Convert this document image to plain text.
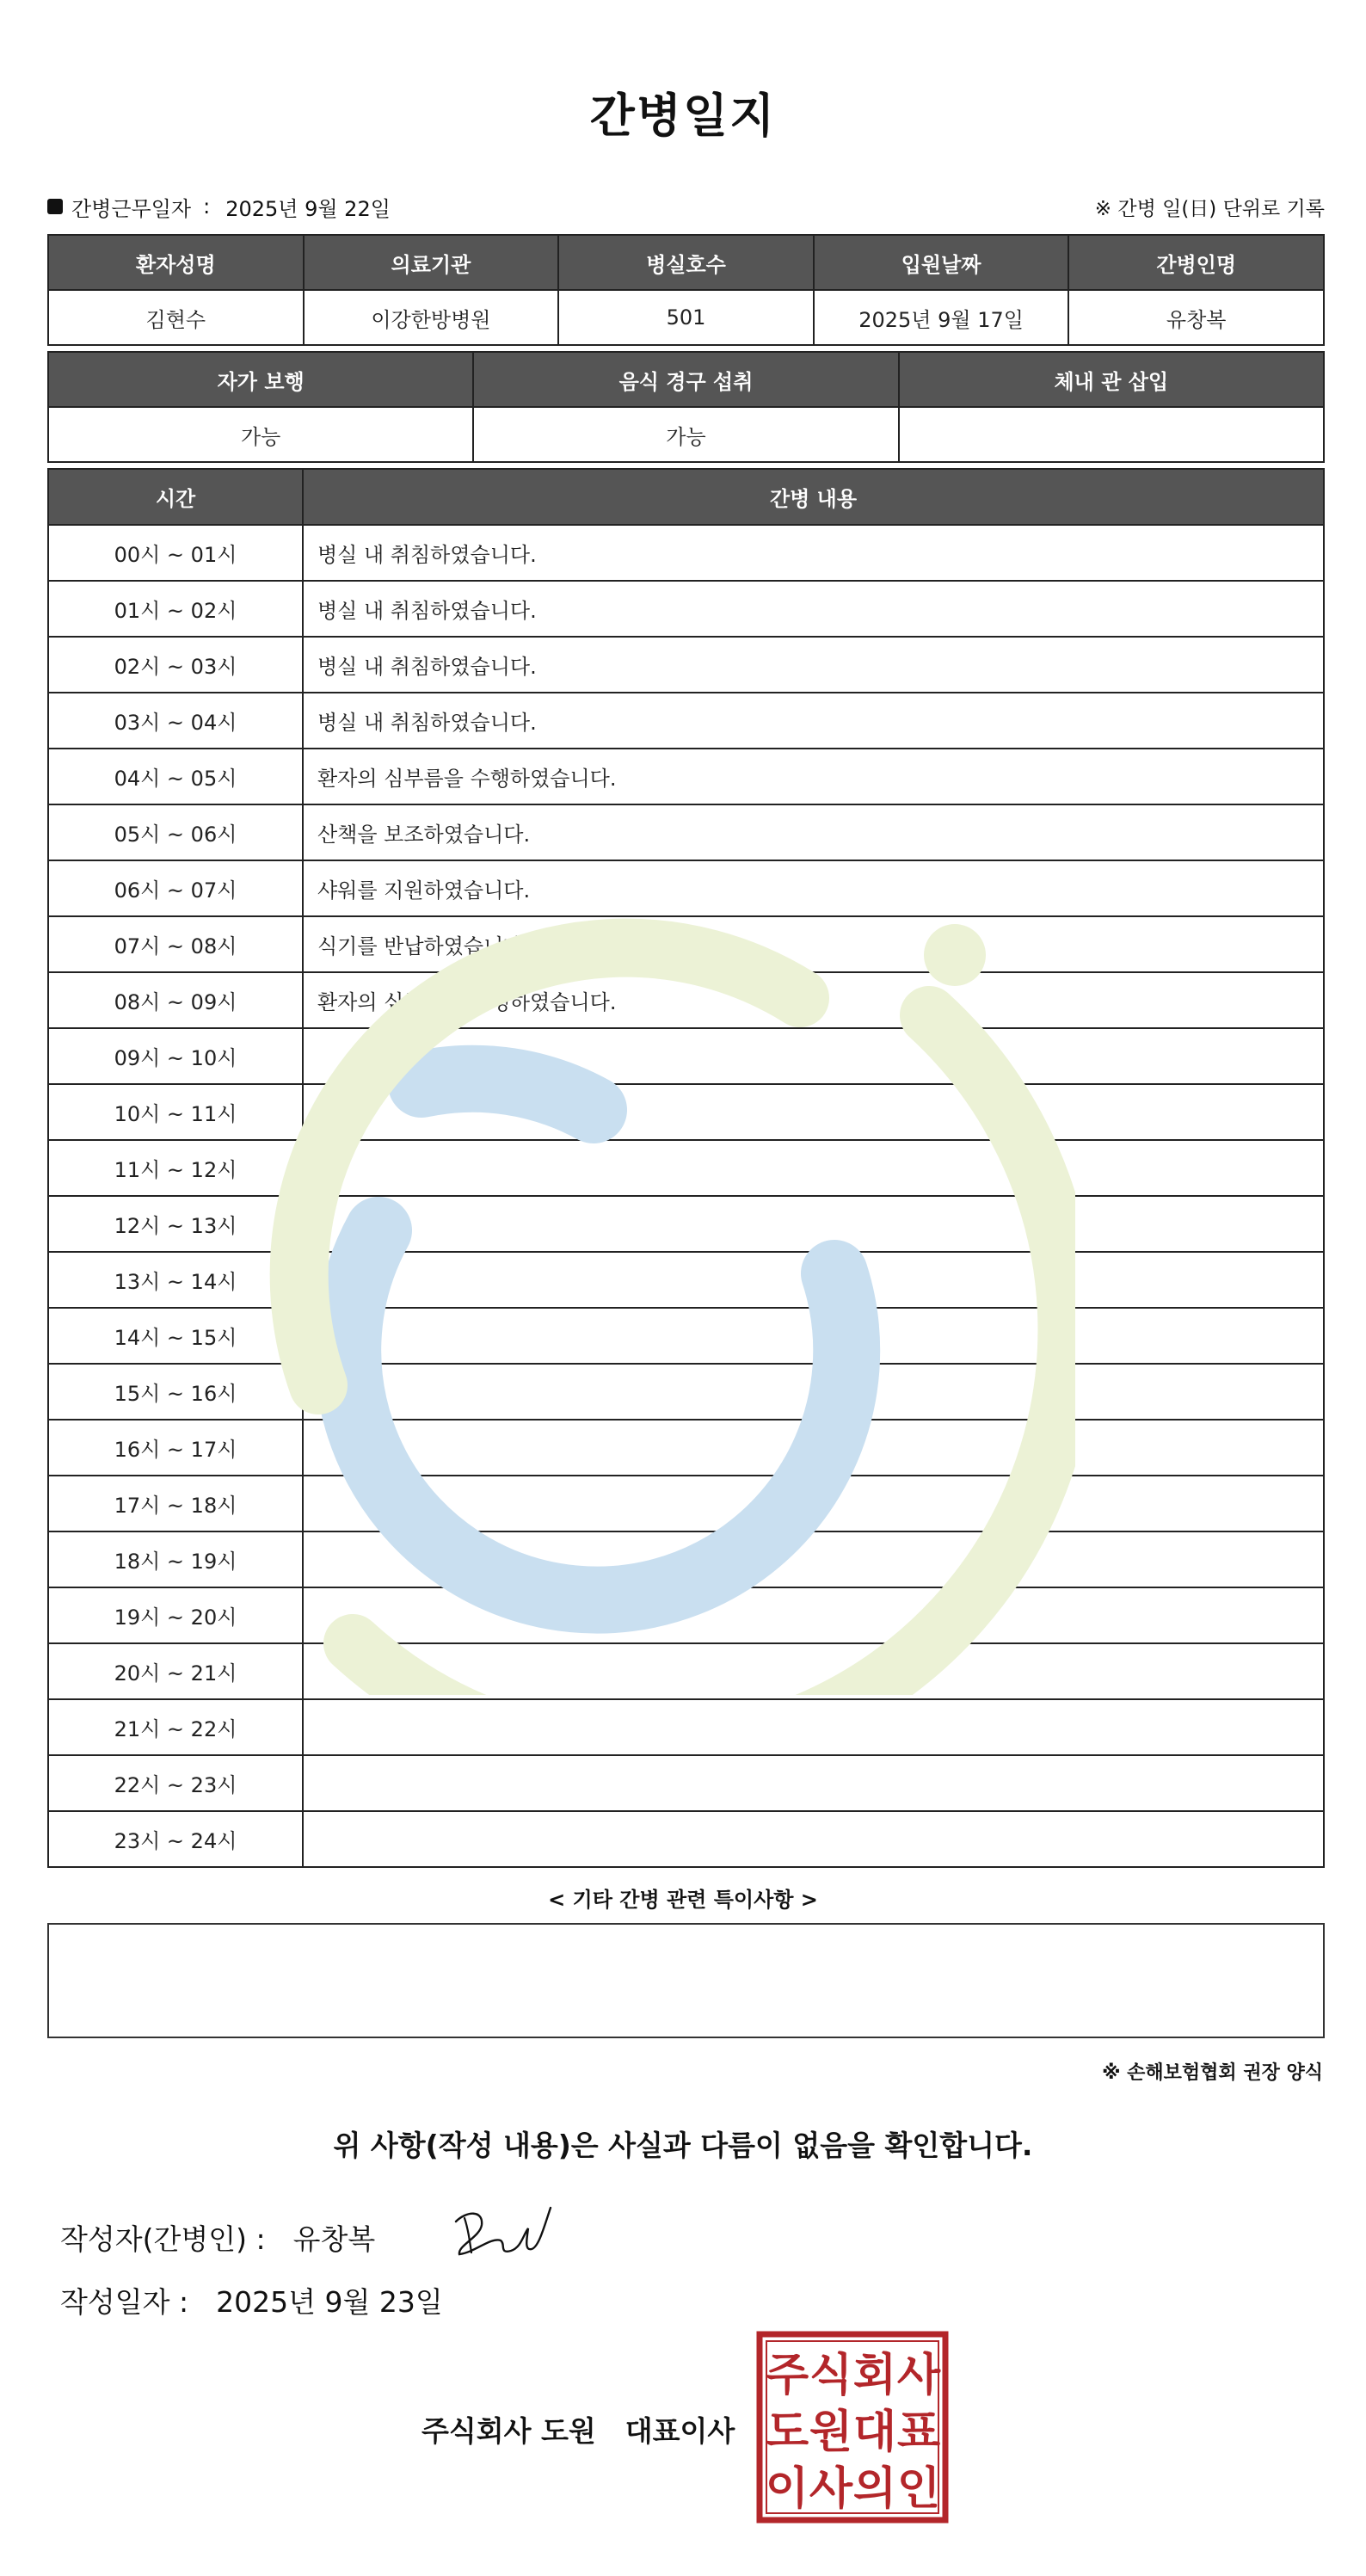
간병일지
간병근무일자 : 2025년 9월 22일	※ 간병 일(日) 단위로 기록
환자성명	의료기관	병실호수	입원날짜	간병인명
김현수	이강한방병원	501	2025년 9월 17일	유창복
자가 보행	음식 경구 섭취	체내 관 삽입
가능	가능	
시간	간병 내용
00시 ~ 01시	병실 내 취침하였습니다.
01시 ~ 02시	병실 내 취침하였습니다.
02시 ~ 03시	병실 내 취침하였습니다.
03시 ~ 04시	병실 내 취침하였습니다.
04시 ~ 05시	환자의 심부름을 수행하였습니다.
05시 ~ 06시	산책을 보조하였습니다.
06시 ~ 07시	샤워를 지원하였습니다.
07시 ~ 08시	식기를 반납하였습니다.
08시 ~ 09시	환자의 심부름을 수행하였습니다.
09시 ~ 10시	
10시 ~ 11시	
11시 ~ 12시	
12시 ~ 13시	
13시 ~ 14시	
14시 ~ 15시	
15시 ~ 16시	
16시 ~ 17시	
17시 ~ 18시	
18시 ~ 19시	
19시 ~ 20시	
20시 ~ 21시	
21시 ~ 22시	
22시 ~ 23시	
23시 ~ 24시	
< 기타 간병 관련 특이사항 >
※ 손해보험협회 권장 양식
위 사항(작성 내용)은 사실과 다름이 없음을 확인합니다.
작성자(간병인) : 유창복
작성일자 : 2025년 9월 23일
주식회사 도원 대표이사
주 식 회 사
도 원 대 표
이 사 의 인
